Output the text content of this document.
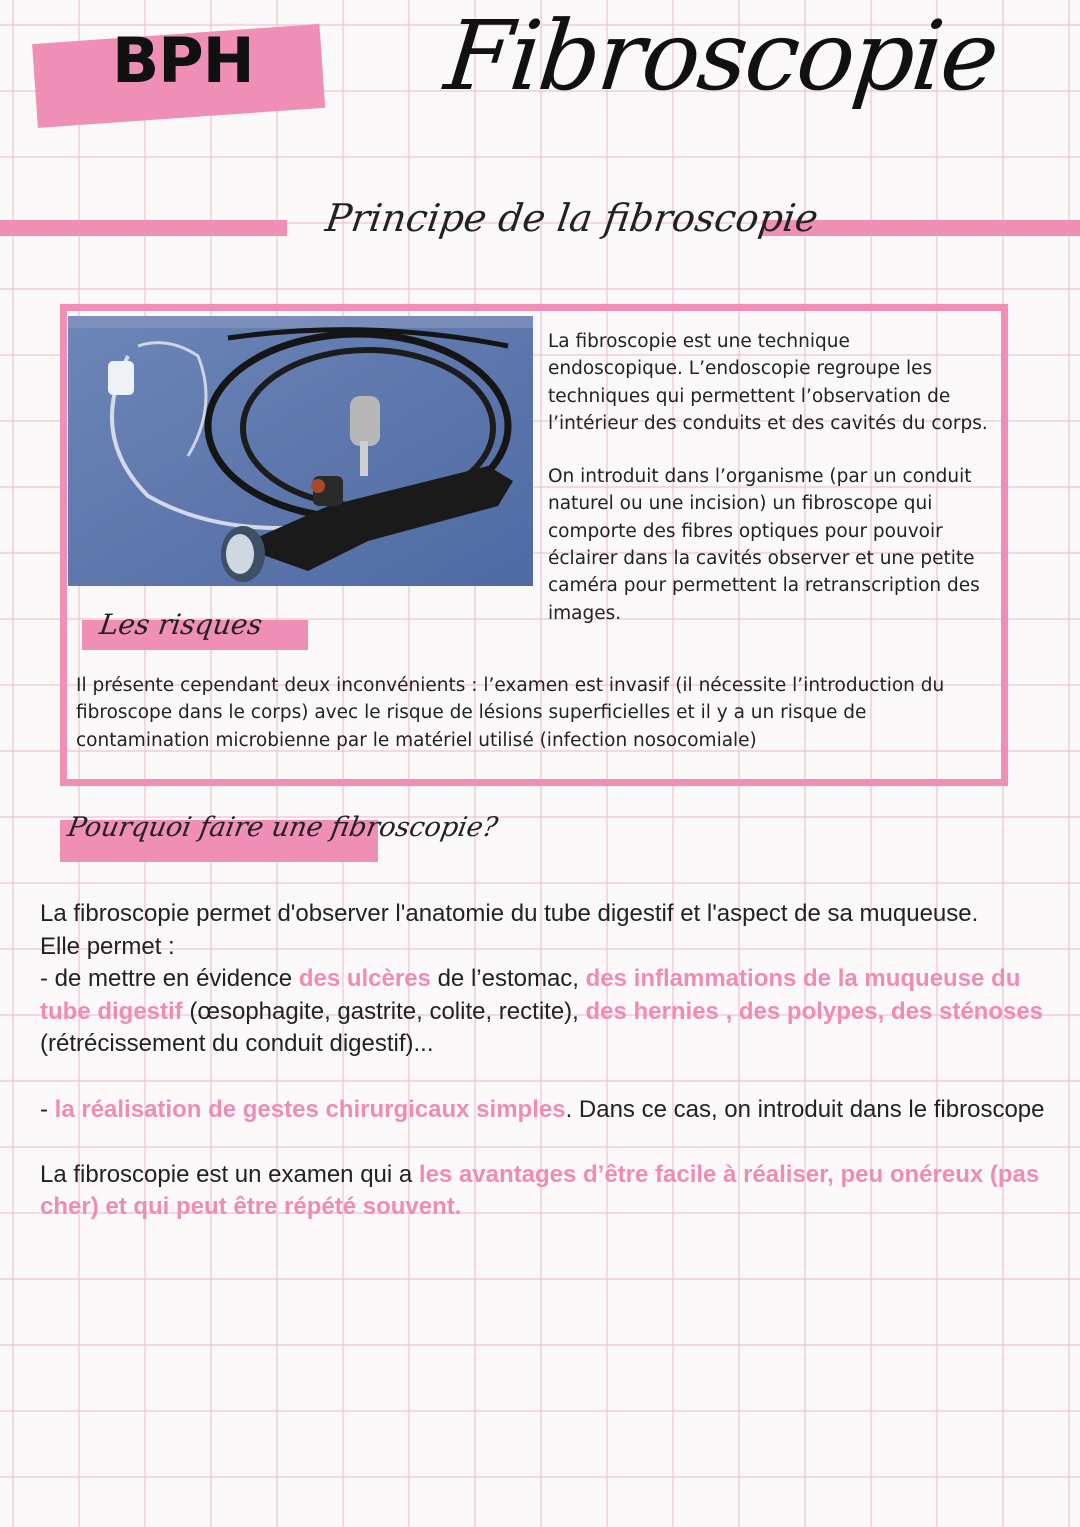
BPH Fibroscopie
Principe de la fibroscopie

La fibroscopie est une technique endoscopique. L’endoscopie regroupe les techniques qui permettent l’observation de l’intérieur des conduits et des cavités du corps.

On introduit dans l’organisme (par un conduit naturel ou une incision) un fibroscope qui comporte des fibres optiques pour pouvoir éclairer dans la cavités observer et une petite caméra pour permettent la retranscription des images.

Les risques
Il présente cependant deux inconvénients : l’examen est invasif (il nécessite l’introduction du fibroscope dans le corps) avec le risque de lésions superficielles et il y a un risque de contamination microbienne par le matériel utilisé (infection nosocomiale)
Pourquoi faire une fibroscopie?

La fibroscopie permet d'observer l'anatomie du tube digestif et l'aspect de sa muqueuse.
Elle permet :
- de mettre en évidence des ulcères de l’estomac, des inflammations de la muqueuse du tube digestif (œsophagite, gastrite, colite, rectite), des hernies , des polypes, des sténoses (rétrécissement du conduit digestif)...

- la réalisation de gestes chirurgicaux simples. Dans ce cas, on introduit dans le fibroscope

La fibroscopie est un examen qui a les avantages d’être facile à réaliser, peu onéreux (pas cher) et qui peut être répété souvent.
